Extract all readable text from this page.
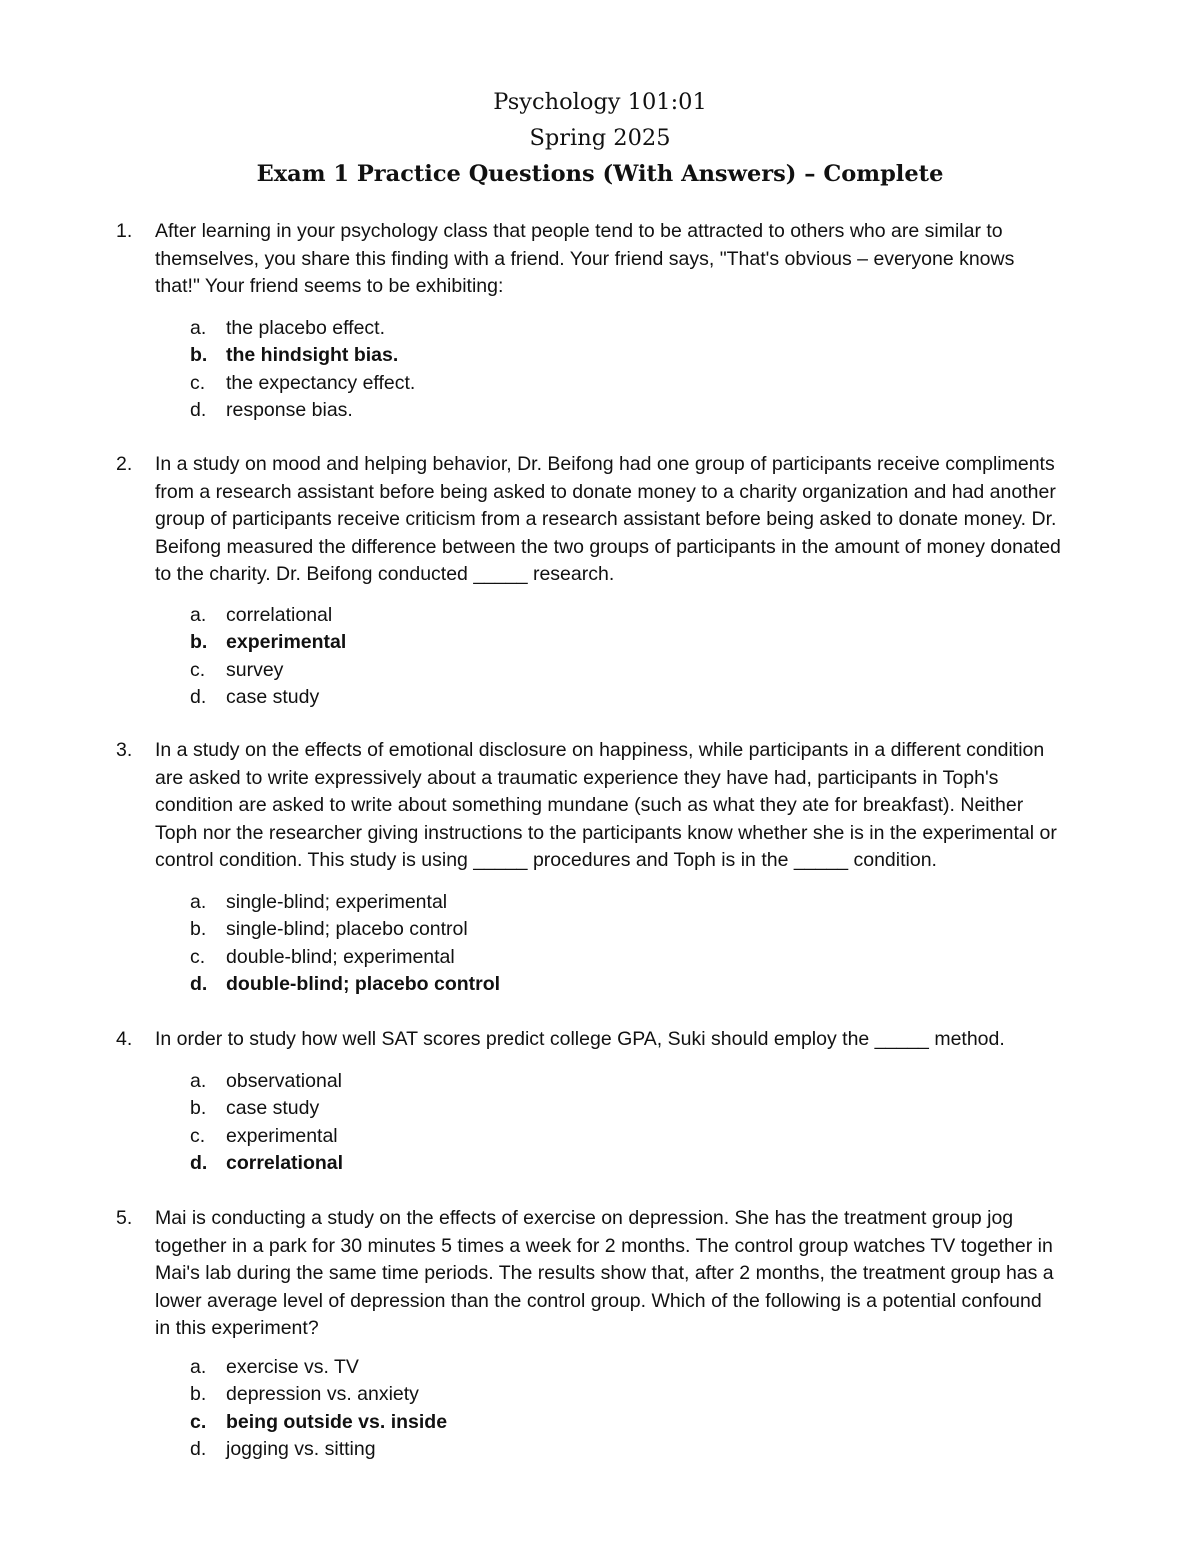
Psychology 101:01
Spring 2025
Exam 1 Practice Questions (With Answers) – Complete
1. After learning in your psychology class that people tend to be attracted to others who are similar to
themselves, you share this finding with a friend. Your friend says, "That's obvious – everyone knows
that!" Your friend seems to be exhibiting:
a. the placebo effect.
b. the hindsight bias.
c. the expectancy effect.
d. response bias.
2. In a study on mood and helping behavior, Dr. Beifong had one group of participants receive compliments
from a research assistant before being asked to donate money to a charity organization and had another
group of participants receive criticism from a research assistant before being asked to donate money. Dr.
Beifong measured the difference between the two groups of participants in the amount of money donated
to the charity. Dr. Beifong conducted _____ research.
a. correlational
b. experimental
c. survey
d. case study
3. In a study on the effects of emotional disclosure on happiness, while participants in a different condition
are asked to write expressively about a traumatic experience they have had, participants in Toph's
condition are asked to write about something mundane (such as what they ate for breakfast). Neither
Toph nor the researcher giving instructions to the participants know whether she is in the experimental or
control condition. This study is using _____ procedures and Toph is in the _____ condition.
a. single-blind; experimental
b. single-blind; placebo control
c. double-blind; experimental
d. double-blind; placebo control
4. In order to study how well SAT scores predict college GPA, Suki should employ the _____ method.
a. observational
b. case study
c. experimental
d. correlational
5. Mai is conducting a study on the effects of exercise on depression. She has the treatment group jog
together in a park for 30 minutes 5 times a week for 2 months. The control group watches TV together in
Mai's lab during the same time periods. The results show that, after 2 months, the treatment group has a
lower average level of depression than the control group. Which of the following is a potential confound
in this experiment?
a. exercise vs. TV
b. depression vs. anxiety
c. being outside vs. inside
d. jogging vs. sitting
